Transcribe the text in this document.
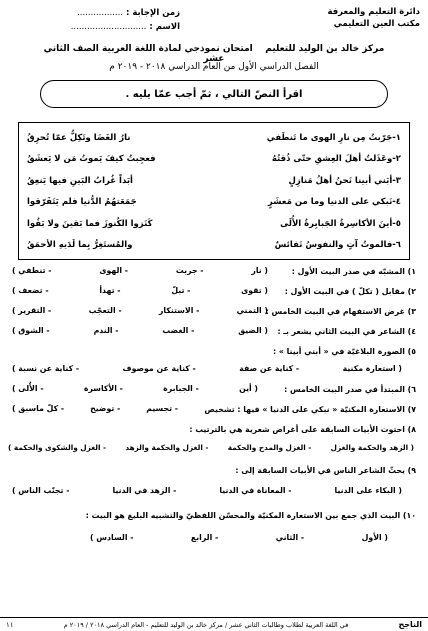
دائرة التعليم والمعرفة
مكتب العين التعليمي
زمن الإجابة : .................
الاسم : ............................
مركز خالد بن الوليد للتعليم    امتحان نموذجي لمادة اللغة العربية الصف الثاني عشر
الفصل الدراسي الأول من العام الدراسي ٢٠١٨ - ٢٠١٩ م
اقرأ النصّ التالي ، ثمّ أجب عمّا يليه .
١-جَرّبتُ مِن نارِ الهوى ما تَنطَفي
نارُ الغَضَا وتَكِلُّ عمّا تُحرِقُ
٢-وعَذَلتُ أهلَ العِشقِ حتّى ذُقتُهُ
فعجِبتُ كيفَ يَموتُ مَن لا يَعشَقُ
٣-أبَني أبينا نَحنُ أهلُ مَنازِلٍ
أبَداً غُرابُ البَينِ فيها يَنعِقُ
٤-نَبكي على الدنيا وما من مَعشَرٍ
جَمَعَتهُمُ الدُّنيا فلم يَتَفَرّقوا
٥-أينَ الأكاسِرةُ الجَبابِرةُ الأُلَى
كَنَزوا الكُنوزَ فما بَقينَ ولا بَقُوا
٦-فالموتُ آتٍ والنفوسُ نَفائسٌ
والمُستَغِرُّ بِما لَدَيهِ الأحمَقُ
١) المشبّه في صدر البيت الأول :
( نار
- جربت
- الهوى
- تنطفي )
٢) مقابل ( تكلّ ) في البيت الأول :
( تقوى
- تبلّ
- تهدأ
- تضعف )
٣) غرض الاستفهام في البيت الخامس :
( التمني
- الاستنكار
- التعجّب
- التقرير )
٤) الشاعر في البيت الثاني يشعر بـ :
( الضيق
- الغضب
- الندم
- الشوق )
٥) الصورة البلاغيّة في « أبني أبينا » :
( استعارة مكنية
- كناية عن صفة
- كناية عن موصوف
- كناية عن نسبة )
٦) المبتدأ في صدر البيت الخامس :
( أين
- الجبابرة
- الأكاسرة
- الأُلى )
٧) الاستعارة المكنيّة « نبكي على الدنيا » فيها : تشخيص
- تجسيم
- توضيح
- كلّ ماسبق )
٨) احتوت الأبيات السابقة على أغراض شعرية هي بالترتيب :
( الزهد والحكمة والغزل
- الغزل والمدح والحكمة
- الغزل والحكمة والزهد
- الغزل والشكوى والحكمة )
٩) يحثّ الشاعر الناس في الأبيات السابقة إلى :
( البكاء على الدنيا
- المعاناة في الدنيا
- الزهد في الدنيا
- تجنّب الناس )
١٠) البيت الذي جمع بين الاستعارة المكنيّة والمحسّن اللفظيّ والتشبيه البليغ هو البيت :
( الأول
- الثاني
- الرابع
- السادس )
الناجح
في اللغة العربية لطلاب وطالبات الثاني عشر / مركز خالد بن الوليد للتعليم - العام الدراسي ٢٠١٨ / ٢٠١٩ م
١١
